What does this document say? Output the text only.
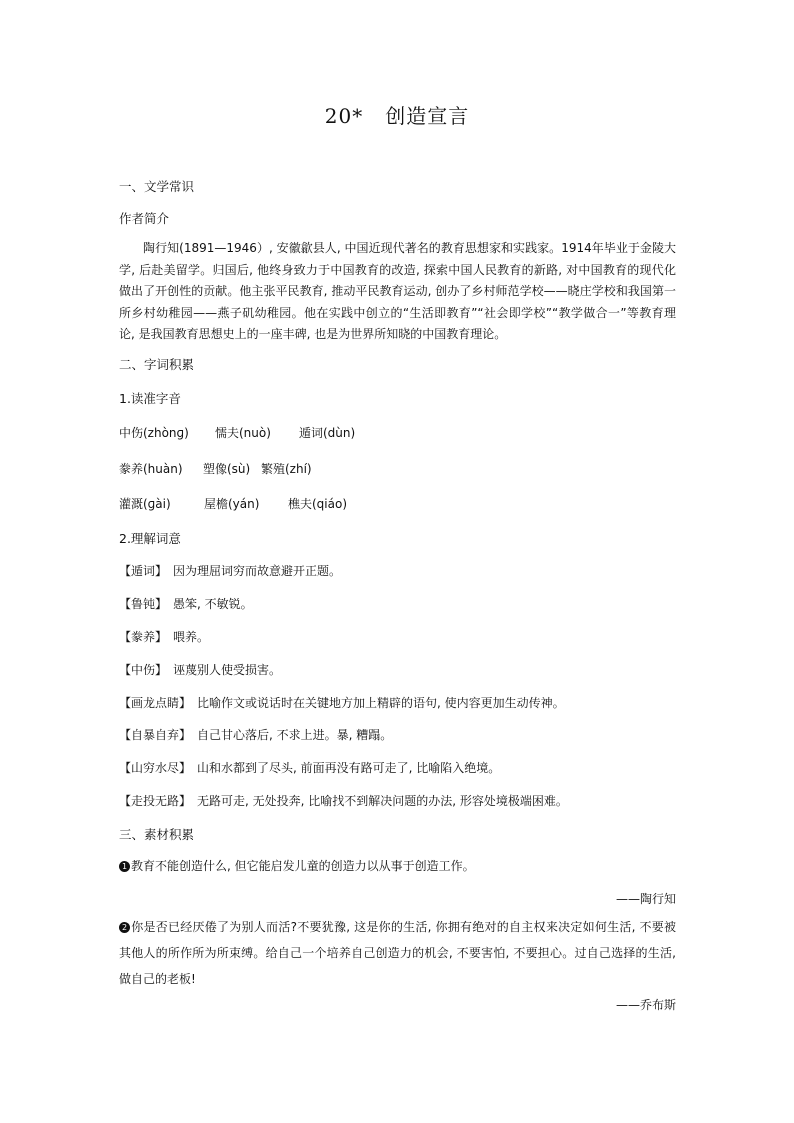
20* 创造宣言
一、文学常识
作者简介
陶行知(1891—1946）, 安徽歙县人, 中国近现代著名的教育思想家和实践家。1914年毕业于金陵大学, 后赴美留学。归国后, 他终身致力于中国教育的改造, 探索中国人民教育的新路, 对中国教育的现代化做出了开创性的贡献。他主张平民教育, 推动平民教育运动, 创办了乡村师范学校——晓庄学校和我国第一所乡村幼稚园——燕子矶幼稚园。他在实践中创立的“生活即教育”“社会即学校”“教学做合一”等教育理论, 是我国教育思想史上的一座丰碑, 也是为世界所知晓的中国教育理论。
二、字词积累
1.读准字音
中伤(zhònɡ) 懦夫(nuò) 遁词(dùn)
豢养(huàn) 塑像(sù) 繁殖(zhí)
灌溉(ɡài)	屋檐(yán) 樵夫(qiáo)
2.理解词意
【遁词】 因为理屈词穷而故意避开正题。
【鲁钝】 愚笨, 不敏锐。
【豢养】 喂养。
【中伤】 诬蔑别人使受损害。
【画龙点睛】 比喻作文或说话时在关键地方加上精辟的语句, 使内容更加生动传神。
【自暴自弃】 自己甘心落后, 不求上进。暴, 糟蹋。
【山穷水尽】 山和水都到了尽头, 前面再没有路可走了, 比喻陷入绝境。
【走投无路】 无路可走, 无处投奔, 比喻找不到解决问题的办法, 形容处境极端困难。
三、素材积累
1 教育不能创造什么, 但它能启发儿童的创造力以从事于创造工作。
——陶行知
2 你是否已经厌倦了为别人而活?不要犹豫, 这是你的生活, 你拥有绝对的自主权来决定如何生活, 不要被其他人的所作所为所束缚。给自己一个培养自己创造力的机会, 不要害怕, 不要担心。过自己选择的生活, 做自己的老板!
——乔布斯
